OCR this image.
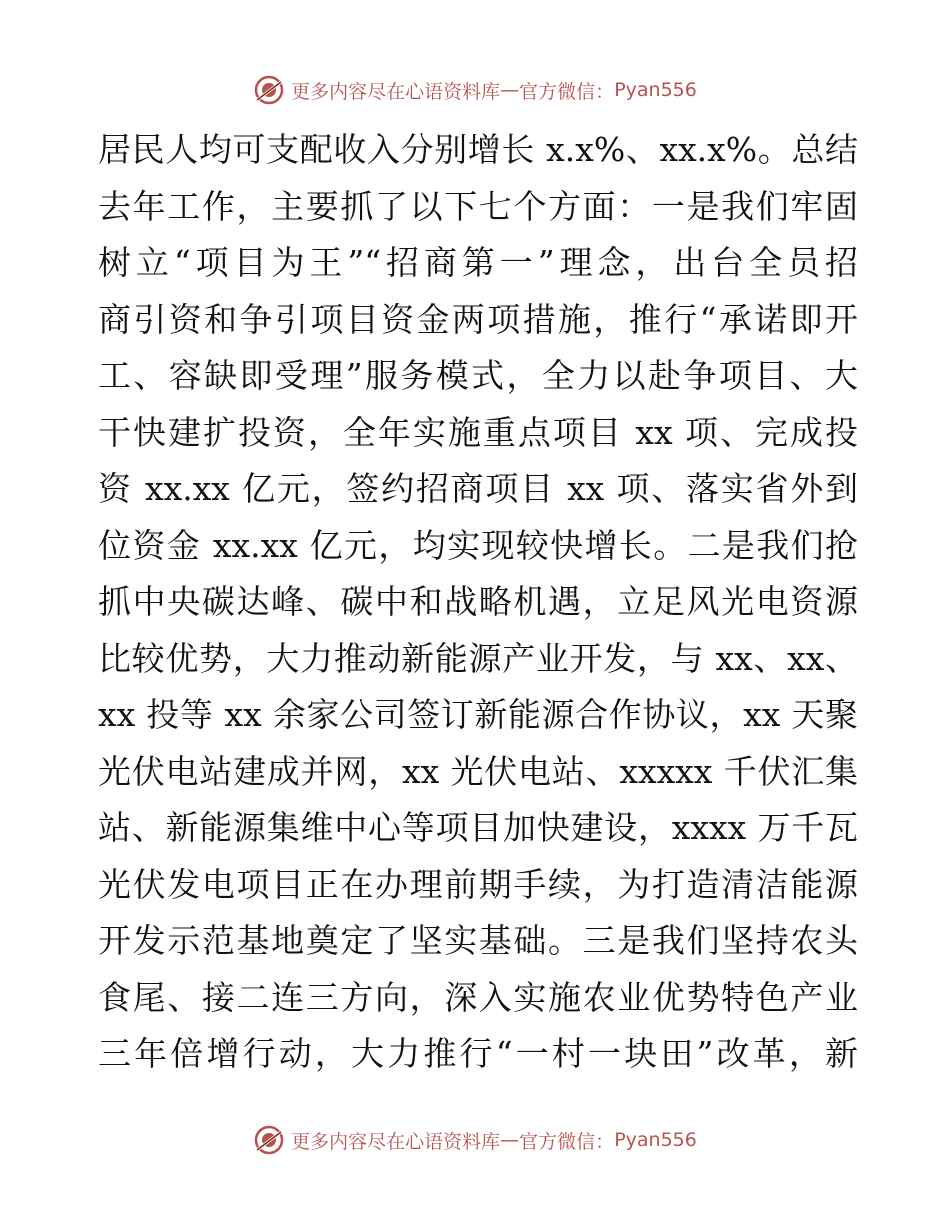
更多内容尽在心语资料库 — 官方微信： Pyan556
居民人均可支配收入分别增长 x.x%、xx.x%。总结
去年工作，主要抓了以下七个方面：一是我们牢固
树立“项目为王”“招商第一”理念，出台全员招
商引资和争引项目资金两项措施，推行“承诺即开
工、容缺即受理”服务模式，全力以赴争项目、大
干快建扩投资，全年实施重点项目 xx 项、完成投
资 xx.xx 亿元，签约招商项目 xx 项、落实省外到
位资金 xx.xx 亿元，均实现较快增长。二是我们抢
抓中央碳达峰、碳中和战略机遇，立足风光电资源
比较优势，大力推动新能源产业开发，与 xx、xx、
xx 投等 xx 余家公司签订新能源合作协议，xx 天聚
光伏电站建成并网，xx 光伏电站、xxxxx 千伏汇集
站、新能源集维中心等项目加快建设，xxxx 万千瓦
光伏发电项目正在办理前期手续，为打造清洁能源
开发示范基地奠定了坚实基础。三是我们坚持农头
食尾、接二连三方向，深入实施农业优势特色产业
三年倍增行动，大力推行“一村一块田”改革，新
更多内容尽在心语资料库 — 官方微信： Pyan556
